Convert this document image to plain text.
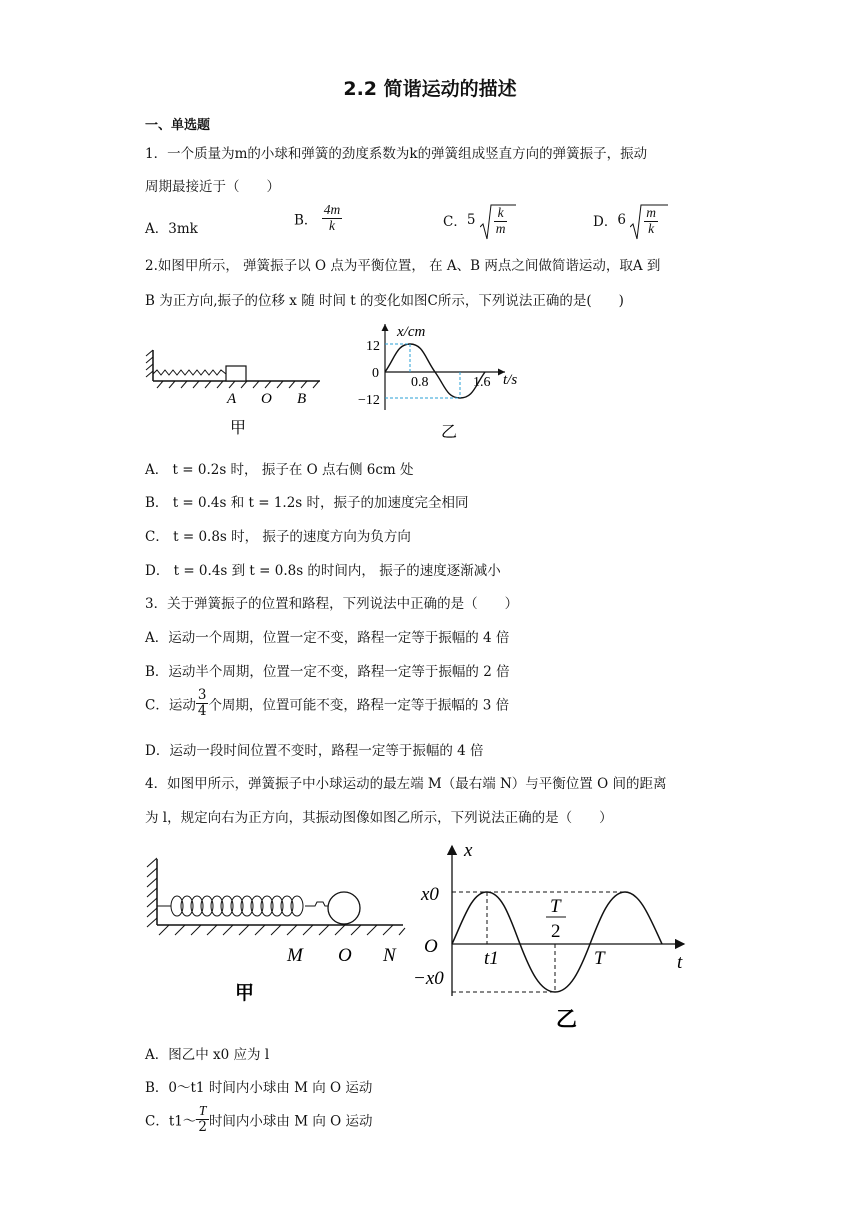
2.2 简谐运动的描述
一、单选题
1．一个质量为m的小球和弹簧的劲度系数为k的弹簧组成竖直方向的弹簧振子，振动
周期最接近于（　　）
A．3mk
B． $\frac{4m}{k}$	C．$5 \frac{k}{m}$	D．$6 \frac{m}{k}$
2.如图甲所示， 弹簧振子以 O 点为平衡位置， 在 A、B 两点之间做简谐运动，取A 到
B 为正方向,振子的位移 x 随 时间 t 的变化如图C所示，下列说法正确的是(　　)
A O B
甲
x/cm
t/s
12
0
−12
0.8	1.6
乙
A． t = 0.2s 时， 振子在 O 点右侧 6cm 处
B． t = 0.4s 和 t = 1.2s 时，振子的加速度完全相同
C． t = 0.8s 时， 振子的速度方向为负方向
D． t = 0.4s 到 t = 0.8s 的时间内， 振子的速度逐渐减小
3．关于弹簧振子的位置和路程，下列说法中正确的是（　　）
A．运动一个周期，位置一定不变，路程一定等于振幅的 4 倍
B．运动半个周期，位置一定不变，路程一定等于振幅的 2 倍
C．运动 $\frac{3}{4}$ 个周期，位置可能不变，路程一定等于振幅的 3 倍
D．运动一段时间位置不变时，路程一定等于振幅的 4 倍
4．如图甲所示，弹簧振子中小球运动的最左端 M（最右端 N）与平衡位置 O 间的距离
为 l，规定向右为正方向，其振动图像如图乙所示，下列说法正确的是（　　）
M O N
甲
x
t
x0
O
−x0
t1	T
2
T
乙
A．图乙中 x0 应为 l
B．0～t1 时间内小球由 M 向 O 运动
C．t1～ $\frac{T}{2}$ 时间内小球由 M 向 O 运动
